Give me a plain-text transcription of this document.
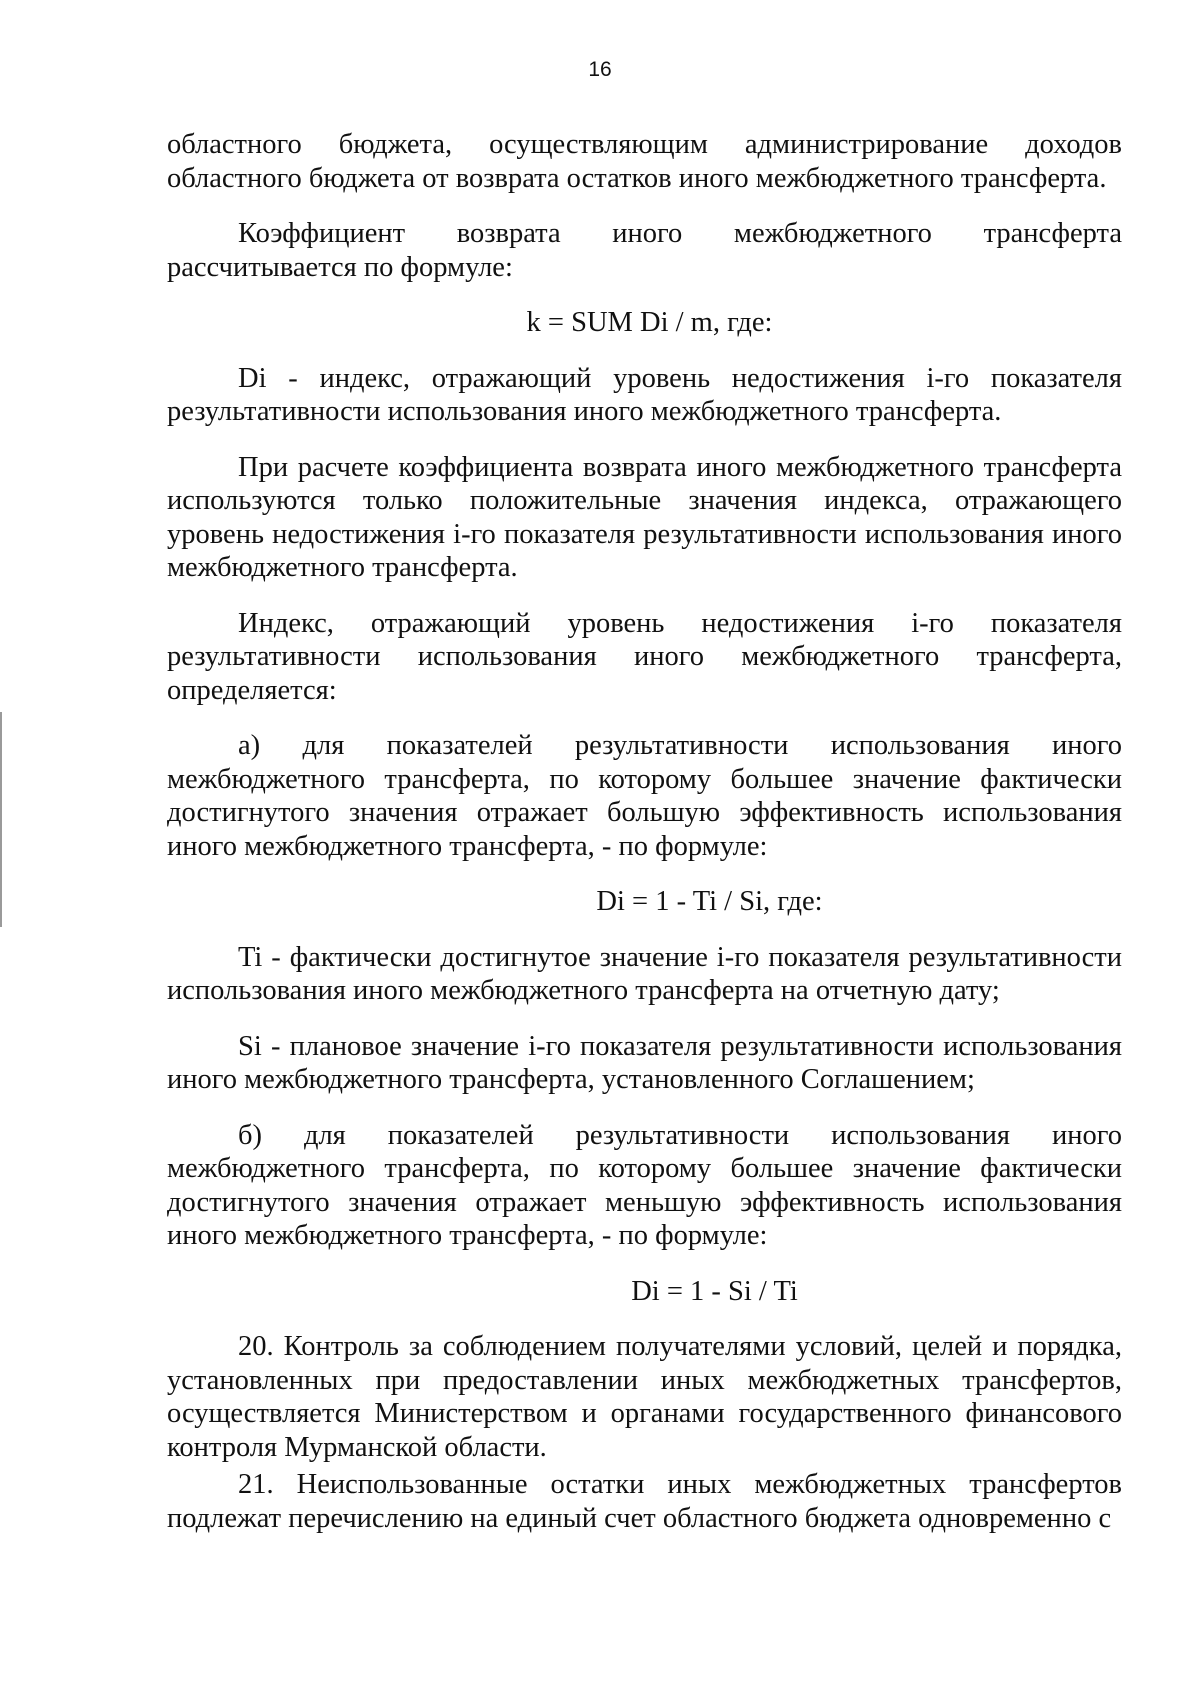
16

областного бюджета, осуществляющим администрирование доходов областного бюджета от возврата остатков иного межбюджетного трансферта.

Коэффициент возврата иного межбюджетного трансферта рассчитывается по формуле:

k = SUM Di / m, где:

Di - индекс, отражающий уровень недостижения i-го показателя результативности использования иного межбюджетного трансферта.

При расчете коэффициента возврата иного межбюджетного трансферта используются только положительные значения индекса, отражающего уровень недостижения i-го показателя результативности использования иного межбюджетного трансферта.

Индекс, отражающий уровень недостижения i-го показателя результативности использования иного межбюджетного трансферта, определяется:

а) для показателей результативности использования иного межбюджетного трансферта, по которому большее значение фактически достигнутого значения отражает большую эффективность использования иного межбюджетного трансферта, - по формуле:

Di = 1 - Ti / Si, где:

Ti - фактически достигнутое значение i-го показателя результативности использования иного межбюджетного трансферта на отчетную дату;

Si - плановое значение i-го показателя результативности использования иного межбюджетного трансферта, установленного Соглашением;

б) для показателей результативности использования иного межбюджетного трансферта, по которому большее значение фактически достигнутого значения отражает меньшую эффективность использования иного межбюджетного трансферта, - по формуле:

Di = 1 - Si / Ti

20. Контроль за соблюдением получателями условий, целей и порядка, установленных при предоставлении иных межбюджетных трансфертов, осуществляется Министерством и органами государственного финансового контроля Мурманской области.

21. Неиспользованные остатки иных межбюджетных трансфертов подлежат перечислению на единый счет областного бюджета одновременно с
